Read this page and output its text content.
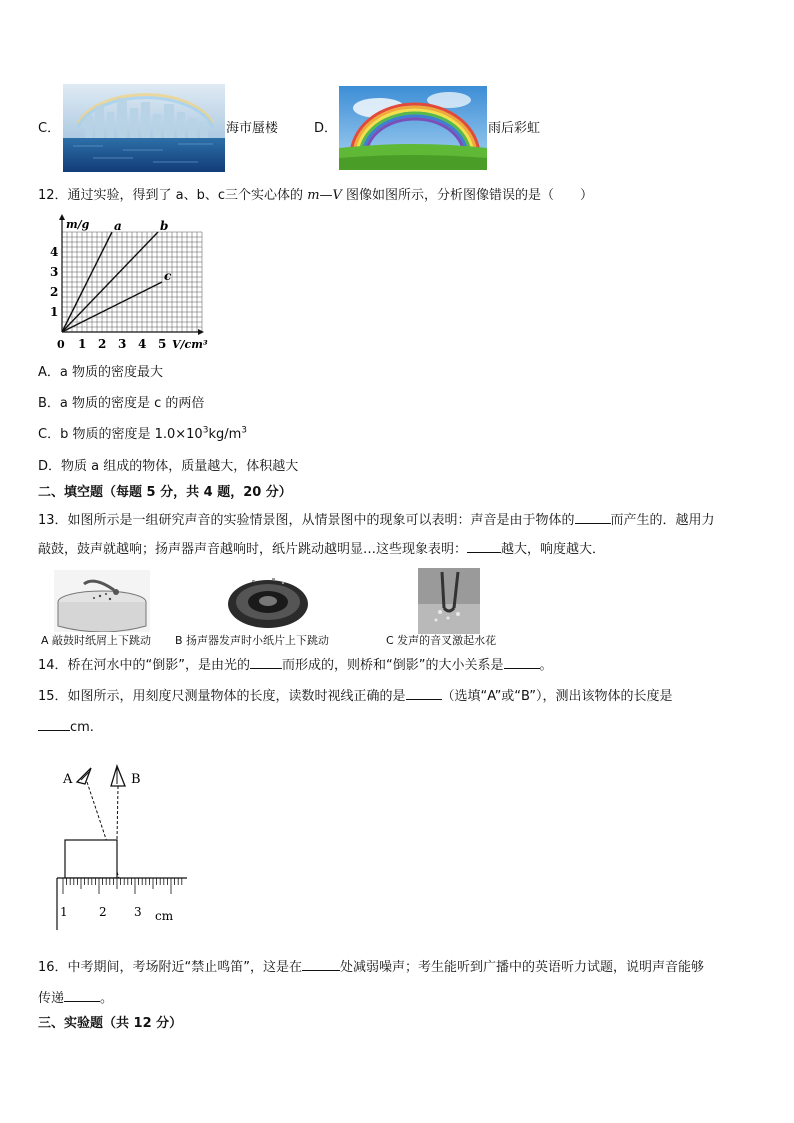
C．	海市蜃楼	D．	雨后彩虹
12．通过实验，得到了 a、b、c三个实心体的 m—V 图像如图所示，分析图像错误的是（　　）
m/g
V/cm³
0 1 2 3 4 5
1
2
3
4
a	b
c
A．a 物质的密度最大
B．a 物质的密度是 c 的两倍
C．b 物质的密度是 $1.0\times 10^3kg/m^3$
D．物质 a 组成的物体，质量越大，体积越大
二、填空题（每题 5 分，共 4 题，20 分）
13．如图所示是一组研究声音的实验情景图，从情景图中的现象可以表明：声音是由于物体的	而产生的．越用力
敲鼓，鼓声就越响；扬声器声音越响时，纸片跳动越明显…这些现象表明：	越大，响度越大．
A 敲鼓时纸屑上下跳动 B 扬声器发声时小纸片上下跳动	C 发声的音叉激起水花
14．桥在河水中的“倒影”，是由光的 而形成的，则桥和“倒影”的大小关系是	。
15．如图所示，用刻度尺测量物体的长度，读数时视线正确的是	（选填“A”或“B”），测出该物体的长度是
cm.
A	B
1	2 3 cm
16．中考期间，考场附近“禁止鸣笛”，这是在	处减弱噪声；考生能听到广播中的英语听力试题，说明声音能够
传递	。
三、实验题（共 12 分）
